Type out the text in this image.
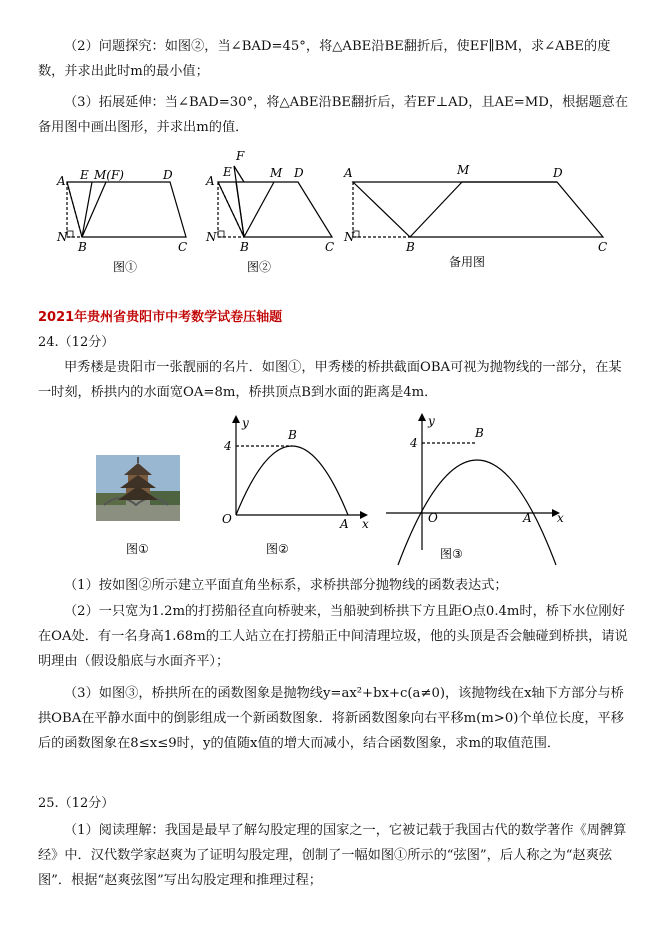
（2）问题探究：如图②，当∠BAD=45°，将△ABE沿BE翻折后，使EF∥BM，求∠ABE的度数，并求出此时m的最小值；

（3）拓展延伸：当∠BAD=30°，将△ABE沿BE翻折后，若EF⊥AD，且AE=MD，根据题意在备用图中画出图形，并求出m的值．

A E M(F)	D
N
B	C
A
F
E	M D
N
B	C
A	M	D
N
B	C
图①	图②	备用图
2021年贵州省贵阳市中考数学试卷压轴题
24.（12分）

甲秀楼是贵阳市一张靓丽的名片．如图①，甲秀楼的桥拱截面OBA可视为抛物线的一部分，在某一时刻，桥拱内的水面宽OA=8m，桥拱顶点B到水面的距离是4m．

图①
y
4
B
O	A x
图②
y
4
B
O	A x
图③

（1）按如图②所示建立平面直角坐标系，求桥拱部分抛物线的函数表达式；

（2）一只宽为1.2m的打捞船径直向桥驶来，当船驶到桥拱下方且距O点0.4m时，桥下水位刚好在OA处．有一名身高1.68m的工人站立在打捞船正中间清理垃圾，他的头顶是否会触碰到桥拱，请说明理由（假设船底与水面齐平）；

（3）如图③，桥拱所在的函数图象是抛物线y=ax²+bx+c(a≠0)，该抛物线在x轴下方部分与桥拱OBA在平静水面中的倒影组成一个新函数图象．将新函数图象向右平移m(m>0)个单位长度，平移后的函数图象在8≤x≤9时，y的值随x值的增大而减小，结合函数图象，求m的取值范围．

25.（12分）

（1）阅读理解：我国是最早了解勾股定理的国家之一，它被记载于我国古代的数学著作《周髀算经》中．汉代数学家赵爽为了证明勾股定理，创制了一幅如图①所示的“弦图”，后人称之为“赵爽弦图”．根据“赵爽弦图”写出勾股定理和推理过程；
